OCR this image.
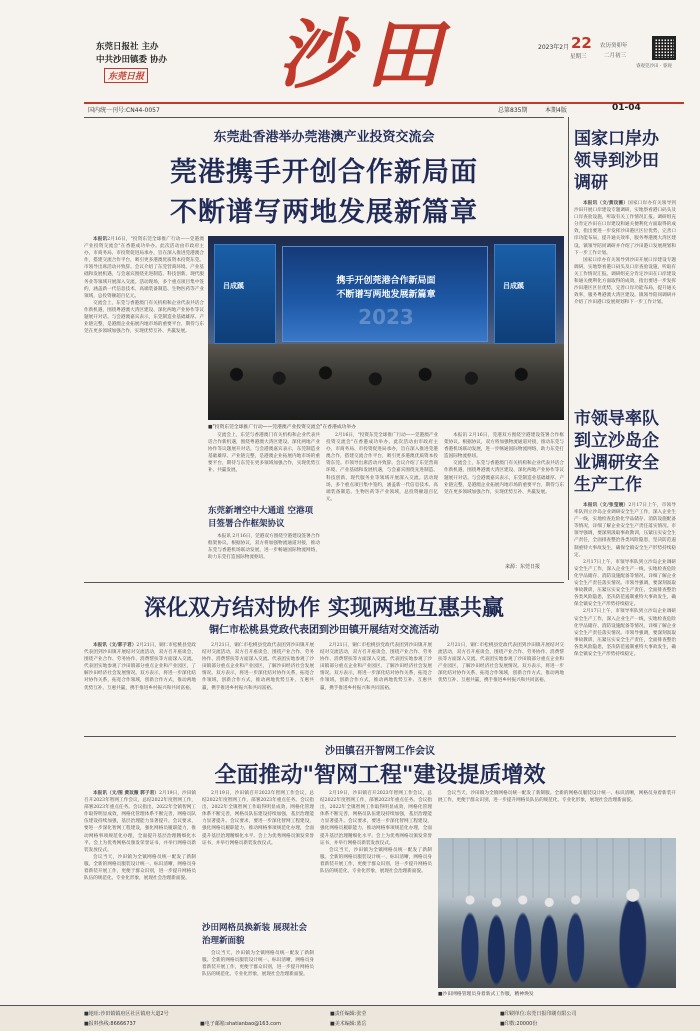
东莞日报社 主办
中共沙田镇委 协办
东莞日报 沙田	2023年2月 22
星期三
农历癸卯年
二月初三
睿观莞沙田 · 睿观
国内统一刊号:CN44-0057	总第835期	本期4版	01-04
东莞赴香港举办莞港澳产业投资交流会
莞港携手开创合作新局面
不断谱写两地发展新篇章

本报讯2月16日，"投资东莞全球推广行动——莞港澳产业投资交流会"在香港成功举办。此次活动由市政府主办，市商务局、市投资促进局承办，旨在深入推进莞港澳合作，搭建交流合作平台，吸引更多港澳优质资本投资东莞。市领导出席活动并致辞。会议介绍了东莞营商环境、产业基础和发展机遇，与会嘉宾围绕先进制造、科技创新、现代服务业等领域开展深入交流。活动现场，多个重点项目集中签约，涵盖新一代信息技术、高端装备制造、生物医药等产业领域，总投资额超百亿元。

交流会上，东莞与香港澳门有关机构和企业代表共话合作新机遇，围绕粤港澳大湾区建设、深化两地产业协作等议题展开对话。与会港澳嘉宾表示，东莞制造业基础雄厚、产业链完整，是港澳企业拓展内地市场的重要平台，期待与东莞在更多领域加强合作，实现优势互补、共赢发展。

吕成蹊	携手开创莞港合作新局面
不断谱写两地发展新篇章
2023
吕成蹊
■"投资东莞全球推广行动——莞港澳产业投资交流会"在香港成功举办

交流会上，东莞与香港澳门有关机构和企业代表共话合作新机遇，围绕粤港澳大湾区建设、深化两地产业协作等议题展开对话。与会港澳嘉宾表示，东莞制造业基础雄厚、产业链完整，是港澳企业拓展内地市场的重要平台，期待与东莞在更多领域加强合作，实现优势互补、共赢发展。

东莞新增空中大通道 空港项目签署合作框架协议

本报讯 2月16日，莞港双方围绕空港建设签署合作框架协议。根据协议，双方将加强物流通道对接，推动东莞与香港机场联动发展，进一步畅通国际物流网络，助力东莞打造国际物流枢纽。

2月16日，"投资东莞全球推广行动——莞港澳产业投资交流会"在香港成功举办。此次活动由市政府主办，市商务局、市投资促进局承办，旨在深入推进莞港澳合作，搭建交流合作平台，吸引更多港澳优质资本投资东莞。市领导出席活动并致辞。会议介绍了东莞营商环境、产业基础和发展机遇，与会嘉宾围绕先进制造、科技创新、现代服务业等领域开展深入交流。活动现场，多个重点项目集中签约，涵盖新一代信息技术、高端装备制造、生物医药等产业领域，总投资额超百亿元。

本报讯 2月16日，莞港双方围绕空港建设签署合作框架协议。根据协议，双方将加强物流通道对接，推动东莞与香港机场联动发展，进一步畅通国际物流网络，助力东莞打造国际物流枢纽。

交流会上，东莞与香港澳门有关机构和企业代表共话合作新机遇，围绕粤港澳大湾区建设、深化两地产业协作等议题展开对话。与会港澳嘉宾表示，东莞制造业基础雄厚、产业链完整，是港澳企业拓展内地市场的重要平台，期待与东莞在更多领域加强合作，实现优势互补、共赢发展。

来源：东莞日报
国家口岸办领导到沙田调研

本报讯（文/黄玟薇）国家口岸办有关领导到沙田开展口岸建设专题调研，实地察看港口码头及口岸查验设施，听取有关工作情况汇报。调研组充分肯定沙田在口岸建设和通关便利化方面取得的成效，指出要进一步发挥沙田港区区位优势，完善口岸功能布局，提升通关效率，服务粤港澳大湾区建设。镇领导陪同调研并介绍了沙田港口发展规划和下一步工作计划。

国家口岸办有关领导到沙田开展口岸建设专题调研，实地察看港口码头及口岸查验设施，听取有关工作情况汇报。调研组充分肯定沙田在口岸建设和通关便利化方面取得的成效，指出要进一步发挥沙田港区区位优势，完善口岸功能布局，提升通关效率，服务粤港澳大湾区建设。镇领导陪同调研并介绍了沙田港口发展规划和下一步工作计划。

市领导率队到立沙岛企业调研安全生产工作

本报讯（文/张莹婉）2月17日上午，市领导率队到立沙岛企业调研安全生产工作，深入企业生产一线，实地检查危险化学品储存、消防设施配备等情况，详细了解企业安全生产责任落实情况。市领导强调，要深刻汲取事故教训，压紧压实安全生产责任，全面排查整治各类风险隐患，坚决防范遏制重特大事故发生，确保全镇安全生产形势持续稳定。

2月17日上午，市领导率队到立沙岛企业调研安全生产工作，深入企业生产一线，实地检查危险化学品储存、消防设施配备等情况，详细了解企业安全生产责任落实情况。市领导强调，要深刻汲取事故教训，压紧压实安全生产责任，全面排查整治各类风险隐患，坚决防范遏制重特大事故发生，确保全镇安全生产形势持续稳定。

2月17日上午，市领导率队到立沙岛企业调研安全生产工作，深入企业生产一线，实地检查危险化学品储存、消防设施配备等情况，详细了解企业安全生产责任落实情况。市领导强调，要深刻汲取事故教训，压紧压实安全生产责任，全面排查整治各类风险隐患，坚决防范遏制重特大事故发生，确保全镇安全生产形势持续稳定。

深化双方结对协作 实现两地互惠共赢
铜仁市松桃县党政代表团到沙田镇开展结对交流活动

本报讯（文/郭子君）2月21日，铜仁市松桃县党政代表团到沙田镇开展结对交流活动，双方召开座谈会，围绕产业合作、劳务协作、消费帮扶等方面深入交流。代表团实地参观了沙田镇部分重点企业和产业园区，了解沙田经济社会发展情况。双方表示，将进一步深化结对协作关系，拓宽合作领域，创新合作方式，推动两地优势互补、互惠共赢，携手推进乡村振兴和共同富裕。

2月21日，铜仁市松桃县党政代表团到沙田镇开展结对交流活动，双方召开座谈会，围绕产业合作、劳务协作、消费帮扶等方面深入交流。代表团实地参观了沙田镇部分重点企业和产业园区，了解沙田经济社会发展情况。双方表示，将进一步深化结对协作关系，拓宽合作领域，创新合作方式，推动两地优势互补、互惠共赢，携手推进乡村振兴和共同富裕。

2月21日，铜仁市松桃县党政代表团到沙田镇开展结对交流活动，双方召开座谈会，围绕产业合作、劳务协作、消费帮扶等方面深入交流。代表团实地参观了沙田镇部分重点企业和产业园区，了解沙田经济社会发展情况。双方表示，将进一步深化结对协作关系，拓宽合作领域，创新合作方式，推动两地优势互补、互惠共赢，携手推进乡村振兴和共同富裕。

2月21日，铜仁市松桃县党政代表团到沙田镇开展结对交流活动，双方召开座谈会，围绕产业合作、劳务协作、消费帮扶等方面深入交流。代表团实地参观了沙田镇部分重点企业和产业园区，了解沙田经济社会发展情况。双方表示，将进一步深化结对协作关系，拓宽合作领域，创新合作方式，推动两地优势互补、互惠共赢，携手推进乡村振兴和共同富裕。

沙田镇召开智网工作会议
全面推动"智网工程"建设提质增效

本报讯（文/图 黄玟薇 郭子君）2月19日，沙田镇召开2023年智网工作会议，总结2022年度智网工作，部署2023年重点任务。会议指出，2022年全镇智网工作取得明显成效，网格化管理体系不断完善，网格员队伍建设持续加强，基层治理能力显著提升。会议要求，要进一步深化智网工程建设，强化网格员履职能力，推动网格事项规范化办理，全面提升基层治理精细化水平。会上为优秀网格员颁发荣誉证书，并举行网格员新装发放仪式。

会议当天，沙田镇为全镇网格员统一配发了新制服。全新的网格员服装设计统一、标识清晰，网格员身着新装开展工作，更便于群众识别，进一步提升网格员队伍的规范化、专业化形象，展现社会治理新面貌。

2月19日，沙田镇召开2023年智网工作会议，总结2022年度智网工作，部署2023年重点任务。会议指出，2022年全镇智网工作取得明显成效，网格化管理体系不断完善，网格员队伍建设持续加强，基层治理能力显著提升。会议要求，要进一步深化智网工程建设，强化网格员履职能力，推动网格事项规范化办理，全面提升基层治理精细化水平。会上为优秀网格员颁发荣誉证书，并举行网格员新装发放仪式。

沙田网格员换新装 展现社会治理新面貌

会议当天，沙田镇为全镇网格员统一配发了新制服。全新的网格员服装设计统一、标识清晰，网格员身着新装开展工作，更便于群众识别，进一步提升网格员队伍的规范化、专业化形象，展现社会治理新面貌。

2月19日，沙田镇召开2023年智网工作会议，总结2022年度智网工作，部署2023年重点任务。会议指出，2022年全镇智网工作取得明显成效，网格化管理体系不断完善，网格员队伍建设持续加强，基层治理能力显著提升。会议要求，要进一步深化智网工程建设，强化网格员履职能力，推动网格事项规范化办理，全面提升基层治理精细化水平。会上为优秀网格员颁发荣誉证书，并举行网格员新装发放仪式。

会议当天，沙田镇为全镇网格员统一配发了新制服。全新的网格员服装设计统一、标识清晰，网格员身着新装开展工作，更便于群众识别，进一步提升网格员队伍的规范化、专业化形象，展现社会治理新面貌。

会议当天，沙田镇为全镇网格员统一配发了新制服。全新的网格员服装设计统一、标识清晰，网格员身着新装开展工作，更便于群众识别，进一步提升网格员队伍的规范化、专业化形象，展现社会治理新面貌。

■沙田网格管理员身着新式工作服，精神焕发
■地址:沙田镇镇府区社区镇府大道2号
■报料热线:86666737	■电子邮箱:shatianbao@163.com
■责任编辑:张莹
■美术编辑:蓝岳
■印刷单位:东莞日报印刷有限公司
■印数:20000份
